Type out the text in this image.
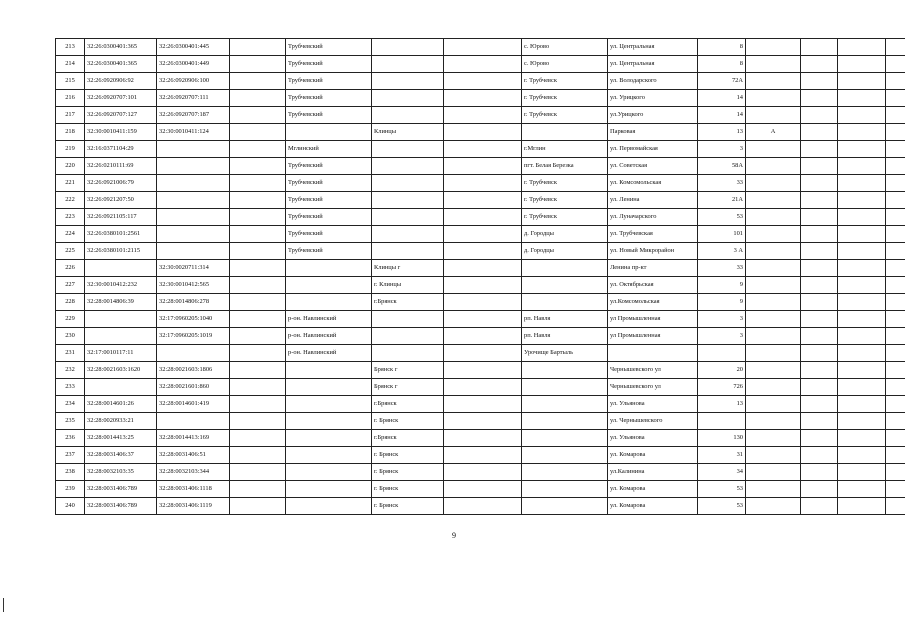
213	32:26:0300401:365	32:26:0300401:445		Трубчевский			с. Юрово	ул. Центральная	8				
214	32:26:0300401:365	32:26:0300401:449		Трубчевский			с. Юрово	ул. Центральная	8				
215	32:26:0920906:92	32:26:0920906:100		Трубчевский			г. Трубчевск	ул. Володарского	72А				
216	32:26:0920707:101	32:26:0920707:111		Трубчевский			г. Трубчевск	ул. Урицкого	14				
217	32:26:0920707:127	32:26:0920707:187		Трубчевский			г. Трубчевск	ул.Урицкого	14				
218	32:30:0010411:159	32:30:0010411:124			Клинцы			Парковая	13	А			
219	32:16:0371104:29			Мглинский			г.Мглин	ул. Первомайская	3				
220	32:26:0210111:69			Трубчевский			пгт. Белая Березка	ул. Советская	58А				
221	32:26:0921006:79			Трубчевский			г. Трубчевск	ул. Комсомольская	33				
222	32:26:0921207:50			Трубчевский			г. Трубчевск	ул. Ленина	21А				
223	32:26:0921105:117			Трубчевский			г. Трубчевск	ул. Луначарского	53				
224	32:26:0380101:2561			Трубчевский			д. Городцы	ул. Трубчевская	101				
225	32:26:0380101:2115			Трубчевский			д. Городцы	ул. Новый Микрорайон	3 А				
226		32:30:0020711:314			Клинцы г			Ленина пр-кт	33				
227	32:30:0010412:232	32:30:0010412:565			г. Клинцы			ул. Октябрьская	9				
228	32:28:0014806:39	32:28:0014806:278			г.Брянск			ул.Комсомольская	9				
229		32:17:0960205:1040		р-он. Навлинский			рп. Навля	ул Промышленная	3				
230		32:17:0960205:1019		р-он. Навлинский			рп. Навля	ул Промышленная	3				
231	32:17:0010117:11			р-он. Навлинский			Урочище Бартыль						
232	32:28:0021603:1620	32:28:0021603:1806			Брянск г			Чернышевского ул	20				
233		32:28:0021601:860			Брянск г			Чернышевского ул	726				
234	32:28:0014601:26	32:28:0014601:419			г.Брянск			ул. Ульянова	13				
235	32:28:0020933:21				г. Брянск			ул. Чернышевского					
236	32:28:0014413:25	32:28:0014413:169			г.Брянск			ул. Ульянова	130				
237	32:28:0031406:37	32:28:0031406:51			г. Брянск			ул. Комарова	31				
238	32:28:0032103:35	32:28:0032103:344			г. Брянск			ул.Калинина	34				
239	32:28:0031406:789	32:28:0031406:1118			г. Брянск			ул. Комарова	53				
240	32:28:0031406:789	32:28:0031406:1119			г. Брянск			ул. Комарова	53				
9
